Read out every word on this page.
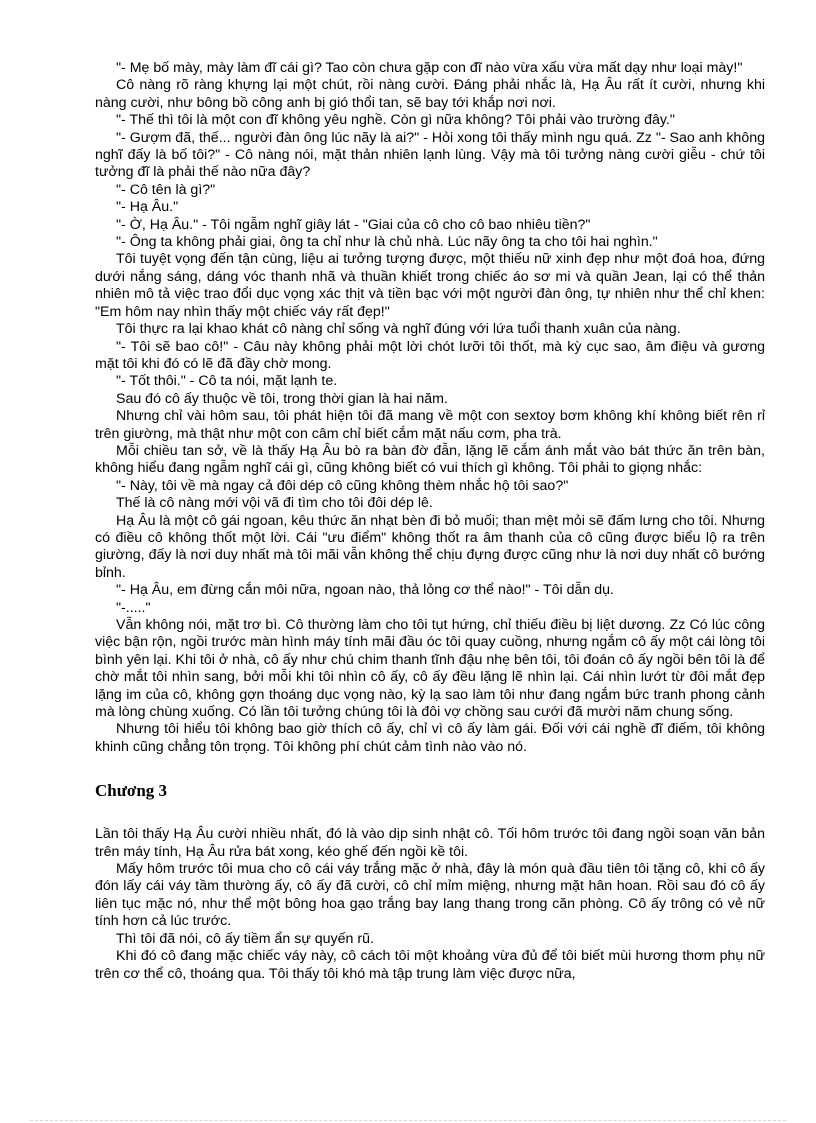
"- Mẹ bố mày, mày làm đĩ cái gì? Tao còn chưa gặp con đĩ nào vừa xấu vừa mất dạy như loại mày!"

Cô nàng rõ ràng khựng lại một chút, rồi nàng cười. Đáng phải nhắc là, Hạ Âu rất ít cười, nhưng khi nàng cười, như bông bồ công anh bị gió thổi tan, sẽ bay tới khắp nơi nơi.

"- Thế thì tôi là một con đĩ không yêu nghề. Còn gì nữa không? Tôi phải vào trường đây."

"- Gượm đã, thế... người đàn ông lúc nãy là ai?" - Hỏi xong tôi thấy mình ngu quá. Zz "- Sao anh không nghĩ đấy là bố tôi?" - Cô nàng nói, mặt thản nhiên lạnh lùng. Vậy mà tôi tưởng nàng cười giễu - chứ tôi tưởng đĩ là phải thế nào nữa đây?

"- Cô tên là gì?"

"- Hạ Âu."

"- Ờ, Hạ Âu." - Tôi ngẫm nghĩ giây lát - "Giai của cô cho cô bao nhiêu tiền?"

"- Ông ta không phải giai, ông ta chỉ như là chủ nhà. Lúc nãy ông ta cho tôi hai nghìn."

Tôi tuyệt vọng đến tận cùng, liệu ai tưởng tượng được, một thiếu nữ xinh đẹp như một đoá hoa, đứng dưới nắng sáng, dáng vóc thanh nhã và thuần khiết trong chiếc áo sơ mi và quần Jean, lại có thể thản nhiên mô tả việc trao đổi dục vọng xác thịt và tiền bạc với một người đàn ông, tự nhiên như thể chỉ khen: "Em hôm nay nhìn thấy một chiếc váy rất đẹp!"

Tôi thực ra lại khao khát cô nàng chỉ sống và nghĩ đúng với lứa tuổi thanh xuân của nàng.

"- Tôi sẽ bao cô!" - Câu này không phải một lời chót lưỡi tôi thốt, mà kỳ cục sao, âm điệu và gương mặt tôi khi đó có lẽ đã đầy chờ mong.

"- Tốt thôi." - Cô ta nói, mặt lạnh te.

Sau đó cô ấy thuộc về tôi, trong thời gian là hai năm.

Nhưng chỉ vài hôm sau, tôi phát hiện tôi đã mang về một con sextoy bơm không khí không biết rên rỉ trên giường, mà thật như một con câm chỉ biết cắm mặt nấu cơm, pha trà.

Mỗi chiều tan sở, về là thấy Hạ Âu bò ra bàn đờ đẫn, lặng lẽ cắm ánh mắt vào bát thức ăn trên bàn, không hiểu đang ngẫm nghĩ cái gì, cũng không biết có vui thích gì không. Tôi phải to giọng nhắc:

"- Này, tôi về mà ngay cả đôi dép cô cũng không thèm nhắc hộ tôi sao?"

Thế là cô nàng mới vội vã đi tìm cho tôi đôi dép lê.

Hạ Âu là một cô gái ngoan, kêu thức ăn nhạt bèn đi bỏ muối; than mệt mỏi sẽ đấm lưng cho tôi. Nhưng có điều cô không thốt một lời. Cái "ưu điểm" không thốt ra âm thanh của cô cũng được biểu lộ ra trên giường, đấy là nơi duy nhất mà tôi mãi vẫn không thể chịu đựng được cũng như là nơi duy nhất cô bướng bỉnh.

"- Hạ Âu, em đừng cắn môi nữa, ngoan nào, thả lỏng cơ thể nào!" - Tôi dẫn dụ.

"-....."

Vẫn không nói, mặt trơ bì. Cô thường làm cho tôi tụt hứng, chỉ thiếu điều bị liệt dương. Zz Có lúc công việc bận rộn, ngồi trước màn hình máy tính mãi đầu óc tôi quay cuồng, nhưng ngắm cô ấy một cái lòng tôi bình yên lại. Khi tôi ở nhà, cô ấy như chú chim thanh tĩnh đậu nhẹ bên tôi, tôi đoán cô ấy ngồi bên tôi là để chờ mắt tôi nhìn sang, bởi mỗi khi tôi nhìn cô ấy, cô ấy đều lặng lẽ nhìn lại. Cái nhìn lướt từ đôi mắt đẹp lặng im của cô, không gợn thoáng dục vọng nào, kỳ lạ sao làm tôi như đang ngắm bức tranh phong cảnh mà lòng chùng xuống. Có lần tôi tưởng chúng tôi là đôi vợ chồng sau cưới đã mười năm chung sống.

Nhưng tôi hiểu tôi không bao giờ thích cô ấy, chỉ vì cô ấy làm gái. Đối với cái nghề đĩ điếm, tôi không khinh cũng chẳng tôn trọng. Tôi không phí chút cảm tình nào vào nó.

Chương 3

Lần tôi thấy Hạ Âu cười nhiều nhất, đó là vào dịp sinh nhật cô. Tối hôm trước tôi đang ngồi soạn văn bản trên máy tính, Hạ Âu rửa bát xong, kéo ghế đến ngồi kề tôi.

Mấy hôm trước tôi mua cho cô cái váy trắng mặc ở nhà, đây là món quà đầu tiên tôi tặng cô, khi cô ấy đón lấy cái váy tầm thường ấy, cô ấy đã cười, cô chỉ mỉm miệng, nhưng mặt hân hoan. Rồi sau đó cô ấy liên tục mặc nó, như thể một bông hoa gạo trắng bay lang thang trong căn phòng. Cô ấy trông có vẻ nữ tính hơn cả lúc trước.

Thì tôi đã nói, cô ấy tiềm ẩn sự quyến rũ.

Khi đó cô đang mặc chiếc váy này, cô cách tôi một khoảng vừa đủ để tôi biết mùi hương thơm phụ nữ trên cơ thể cô, thoáng qua. Tôi thấy tôi khó mà tập trung làm việc được nữa,
